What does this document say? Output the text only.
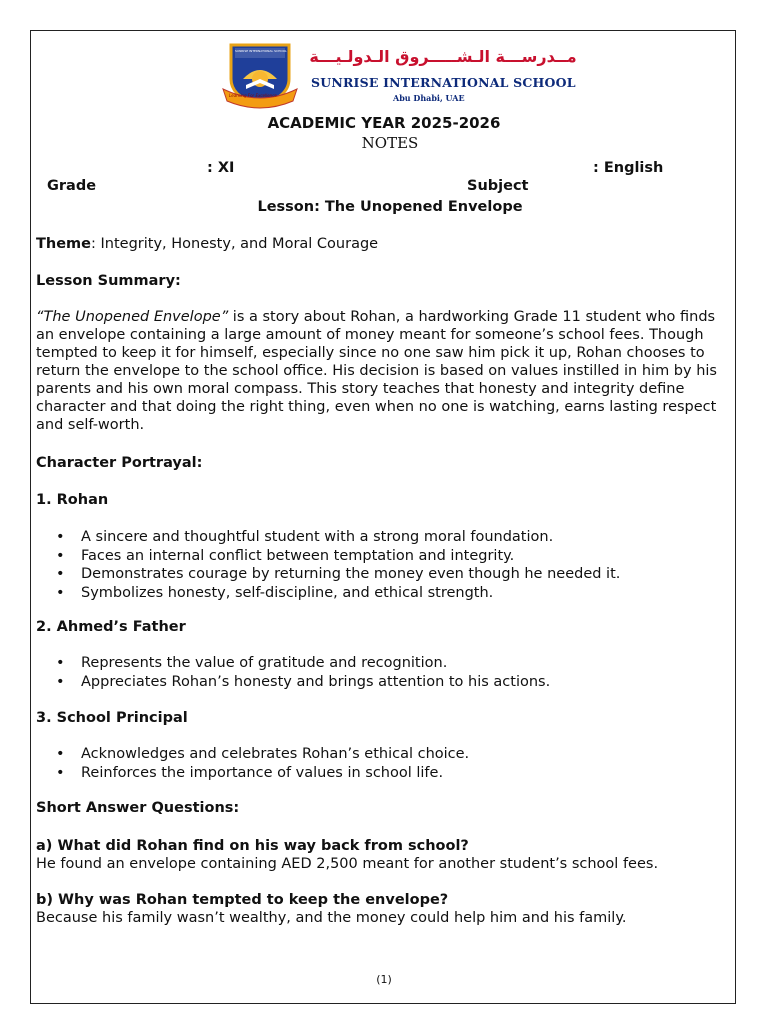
Learning For Excellence
SUNRISE INTERNATIONAL SCHOOL	مــدرســـة الـشـــــروق الـدولـيـــة
SUNRISE INTERNATIONAL SCHOOL
Abu Dhabi, UAE
ACADEMIC YEAR 2025-2026
NOTES
: XI
Grade
: English
Subject
Lesson: The Unopened Envelope
Theme: Integrity, Honesty, and Moral Courage
Lesson Summary:
“The Unopened Envelope” is a story about Rohan, a hardworking Grade 11 student who finds an envelope containing a large amount of money meant for someone’s school fees. Though tempted to keep it for himself, especially since no one saw him pick it up, Rohan chooses to return the envelope to the school office. His decision is based on values instilled in him by his parents and his own moral compass. This story teaches that honesty and integrity define character and that doing the right thing, even when no one is watching, earns lasting respect and self-worth.
Character Portrayal:
1. Rohan
• A sincere and thoughtful student with a strong moral foundation.
• Faces an internal conflict between temptation and integrity.
• Demonstrates courage by returning the money even though he needed it.
• Symbolizes honesty, self-discipline, and ethical strength.
2. Ahmed’s Father
• Represents the value of gratitude and recognition.
• Appreciates Rohan’s honesty and brings attention to his actions.
3. School Principal
• Acknowledges and celebrates Rohan’s ethical choice.
• Reinforces the importance of values in school life.
Short Answer Questions:
a) What did Rohan find on his way back from school?
He found an envelope containing AED 2,500 meant for another student’s school fees.
b) Why was Rohan tempted to keep the envelope?
Because his family wasn’t wealthy, and the money could help him and his family.
(1)
